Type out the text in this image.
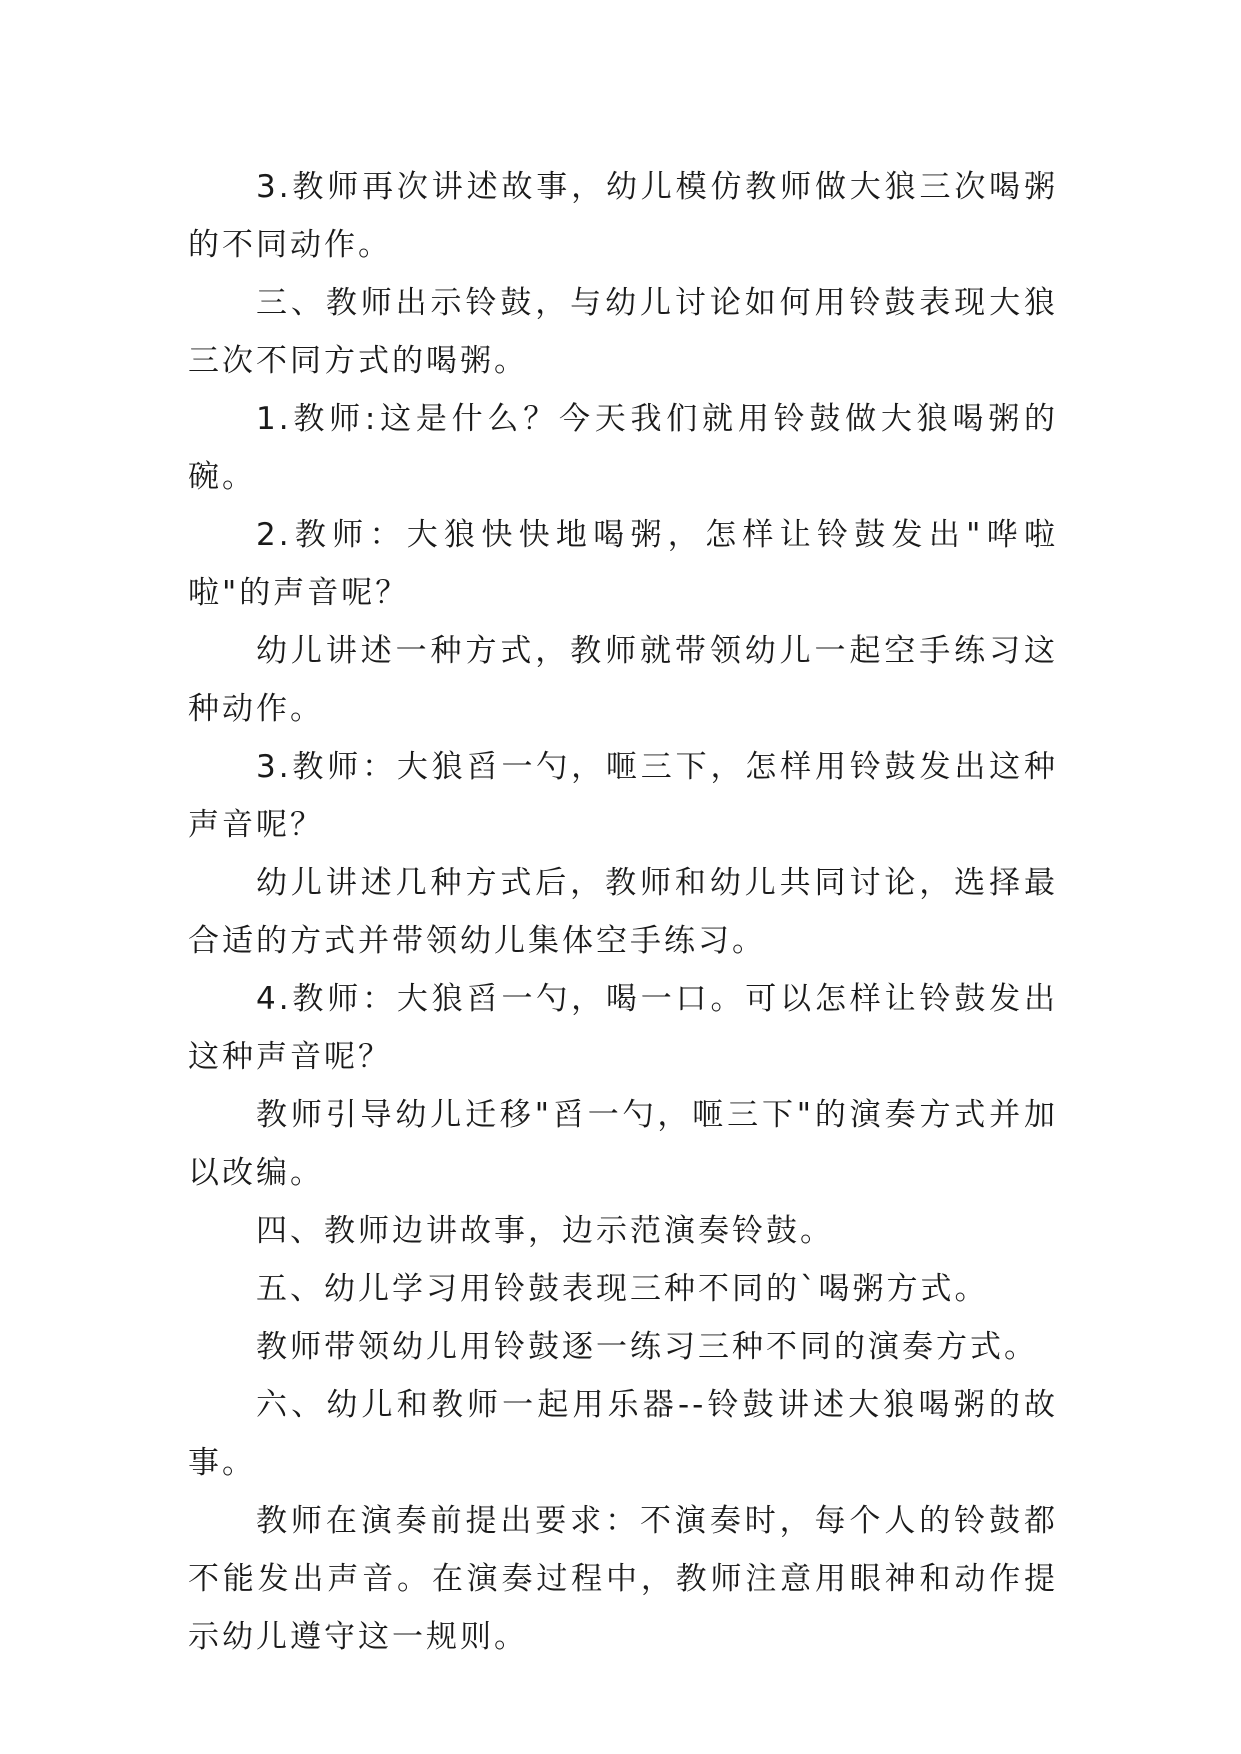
3.教师再次讲述故事，幼儿模仿教师做大狼三次喝粥的不同动作。

三、教师出示铃鼓，与幼儿讨论如何用铃鼓表现大狼三次不同方式的喝粥。

1.教师:这是什么？今天我们就用铃鼓做大狼喝粥的碗。

2.教师：大狼快快地喝粥，怎样让铃鼓发出"哗啦啦"的声音呢？

幼儿讲述一种方式，教师就带领幼儿一起空手练习这种动作。

3.教师：大狼舀一勺，咂三下，怎样用铃鼓发出这种声音呢？

幼儿讲述几种方式后，教师和幼儿共同讨论，选择最合适的方式并带领幼儿集体空手练习。

4.教师：大狼舀一勺，喝一口。可以怎样让铃鼓发出这种声音呢？

教师引导幼儿迁移"舀一勺，咂三下"的演奏方式并加以改编。

四、教师边讲故事，边示范演奏铃鼓。

五、幼儿学习用铃鼓表现三种不同的`喝粥方式。

教师带领幼儿用铃鼓逐一练习三种不同的演奏方式。

六、幼儿和教师一起用乐器--铃鼓讲述大狼喝粥的故事。

教师在演奏前提出要求：不演奏时，每个人的铃鼓都不能发出声音。在演奏过程中，教师注意用眼神和动作提示幼儿遵守这一规则。
